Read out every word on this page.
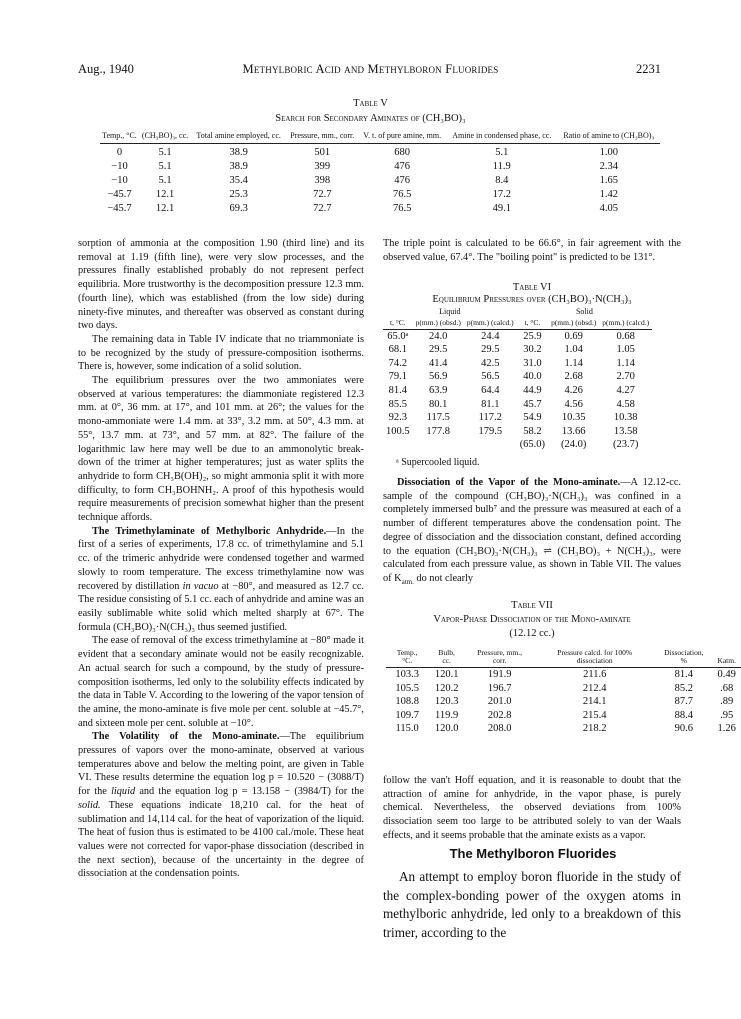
Aug., 1940	Methylboric Acid and Methylboron Fluorides	2231
Table V
Search for Secondary Aminates of (CH₃BO)₃
Temp., °C.	(CH₃BO)₃, cc.	Total amine employed, cc.	Pressure, mm., corr.	V. t. of pure amine, mm.	Amine in condensed phase, cc.	Ratio of amine to (CH₃BO)₃
0	5.1	38.9	501	680	5.1	1.00
−10	5.1	38.9	399	476	11.9	2.34
−10	5.1	35.4	398	476	8.4	1.65
−45.7	12.1	25.3	72.7	76.5	17.2	1.42
−45.7	12.1	69.3	72.7	76.5	49.1	4.05

sorption of ammonia at the composition 1.90 (third line) and its removal at 1.19 (fifth line), were very slow processes, and the pressures finally established probably do not represent perfect equilibria. More trustworthy is the decomposition pressure 12.3 mm. (fourth line), which was established (from the low side) during ninety-five minutes, and thereafter was observed as constant during two days.

The remaining data in Table IV indicate that no triammoniate is to be recognized by the study of pressure-composition isotherms. There is, however, some indication of a solid solution.

The equilibrium pressures over the two ammoniates were observed at various temperatures: the diammoniate registered 12.3 mm. at 0°, 36 mm. at 17°, and 101 mm. at 26°; the values for the mono-ammoniate were 1.4 mm. at 33°, 3.2 mm. at 50°, 4.3 mm. at 55°, 13.7 mm. at 73°, and 57 mm. at 82°. The failure of the logarithmic law here may well be due to an ammonolytic break-down of the trimer at higher temperatures; just as water splits the anhydride to form CH₃B(OH)₂, so might ammonia split it with more difficulty, to form CH₃BOHNH₂. A proof of this hypothesis would require measurements of precision somewhat higher than the present technique affords.

The Trimethylaminate of Methylboric Anhydride.—In the first of a series of experiments, 17.8 cc. of trimethylamine and 5.1 cc. of the trimeric anhydride were condensed together and warmed slowly to room temperature. The excess trimethylamine now was recovered by distillation in vacuo at −80°, and measured as 12.7 cc. The residue consisting of 5.1 cc. each of anhydride and amine was an easily sublimable white solid which melted sharply at 67°. The formula (CH₃BO)₃·N(CH₃)₃ thus seemed justified.

The ease of removal of the excess trimethylamine at −80° made it evident that a secondary aminate would not be easily recognizable. An actual search for such a compound, by the study of pressure-composition isotherms, led only to the solubility effects indicated by the data in Table V. According to the lowering of the vapor tension of the amine, the mono-aminate is five mole per cent. soluble at −45.7°, and sixteen mole per cent. soluble at −10°.

The Volatility of the Mono-aminate.—The equilibrium pressures of vapors over the mono-aminate, observed at various temperatures above and below the melting point, are given in Table VI. These results determine the equation log p = 10.520 − (3088/T) for the liquid and the equation log p = 13.158 − (3984/T) for the solid. These equations indicate 18,210 cal. for the heat of sublimation and 14,114 cal. for the heat of vaporization of the liquid. The heat of fusion thus is estimated to be 4100 cal./mole. These heat values were not corrected for vapor-phase dissociation (described in the next section), because of the uncertainty in the degree of dissociation at the condensation points.

The triple point is calculated to be 66.6°, in fair agreement with the observed value, 67.4°. The "boiling point" is predicted to be 131°.

Table VI
Equilibrium Pressures over (CH₃BO)₃·N(CH₃)₃
Liquid			Solid		
t, °C.	p(mm.) (obsd.)	p(mm.) (calcd.)	t, °C.	p(mm.) (obsd.)	p(mm.) (calcd.)
65.0ᵃ	24.0	24.4	25.9	0.69	0.68
68.1	29.5	29.5	30.2	1.04	1.05
74.2	41.4	42.5	31.0	1.14	1.14
79.1	56.9	56.5	40.0	2.68	2.70
81.4	63.9	64.4	44.9	4.26	4.27
85.5	80.1	81.1	45.7	4.56	4.58
92.3	117.5	117.2	54.9	10.35	10.38
100.5	177.8	179.5	58.2	13.66	13.58
			(65.0)	(24.0)	(23.7)
ᵃ Supercooled liquid.

Dissociation of the Vapor of the Mono-aminate.—A 12.12-cc. sample of the compound (CH₃BO)₃·N(CH₃)₃ was confined in a completely immersed bulb⁷ and the pressure was measured at each of a number of different temperatures above the condensation point. The degree of dissociation and the dissociation constant, defined according to the equation (CH₃BO)₃·N(CH₃)₃ ⇌ (CH₃BO)₃ + N(CH₃)₃, were calculated from each pressure value, as shown in Table VII. The values of $K_{atm.}$ do not clearly

Table VII
Vapor-Phase Dissociation of the Mono-aminate
(12.12 cc.)
Temp., °C.	Bulb, cc.	Pressure, mm., corr.	Pressure calcd. for 100% dissociation	Dissociation, %	Katm.
103.3	120.1	191.9	211.6	81.4	0.49
105.5	120.2	196.7	212.4	85.2	.68
108.8	120.3	201.0	214.1	87.7	.89
109.7	119.9	202.8	215.4	88.4	.95
115.0	120.0	208.0	218.2	90.6	1.26

follow the van't Hoff equation, and it is reasonable to doubt that the attraction of amine for anhydride, in the vapor phase, is purely chemical. Nevertheless, the observed deviations from 100% dissociation seem too large to be attributed solely to van der Waals effects, and it seems probable that the aminate exists as a vapor.

The Methylboron Fluorides

An attempt to employ boron fluoride in the study of the complex-bonding power of the oxygen atoms in methylboric anhydride, led only to a breakdown of this trimer, according to the
